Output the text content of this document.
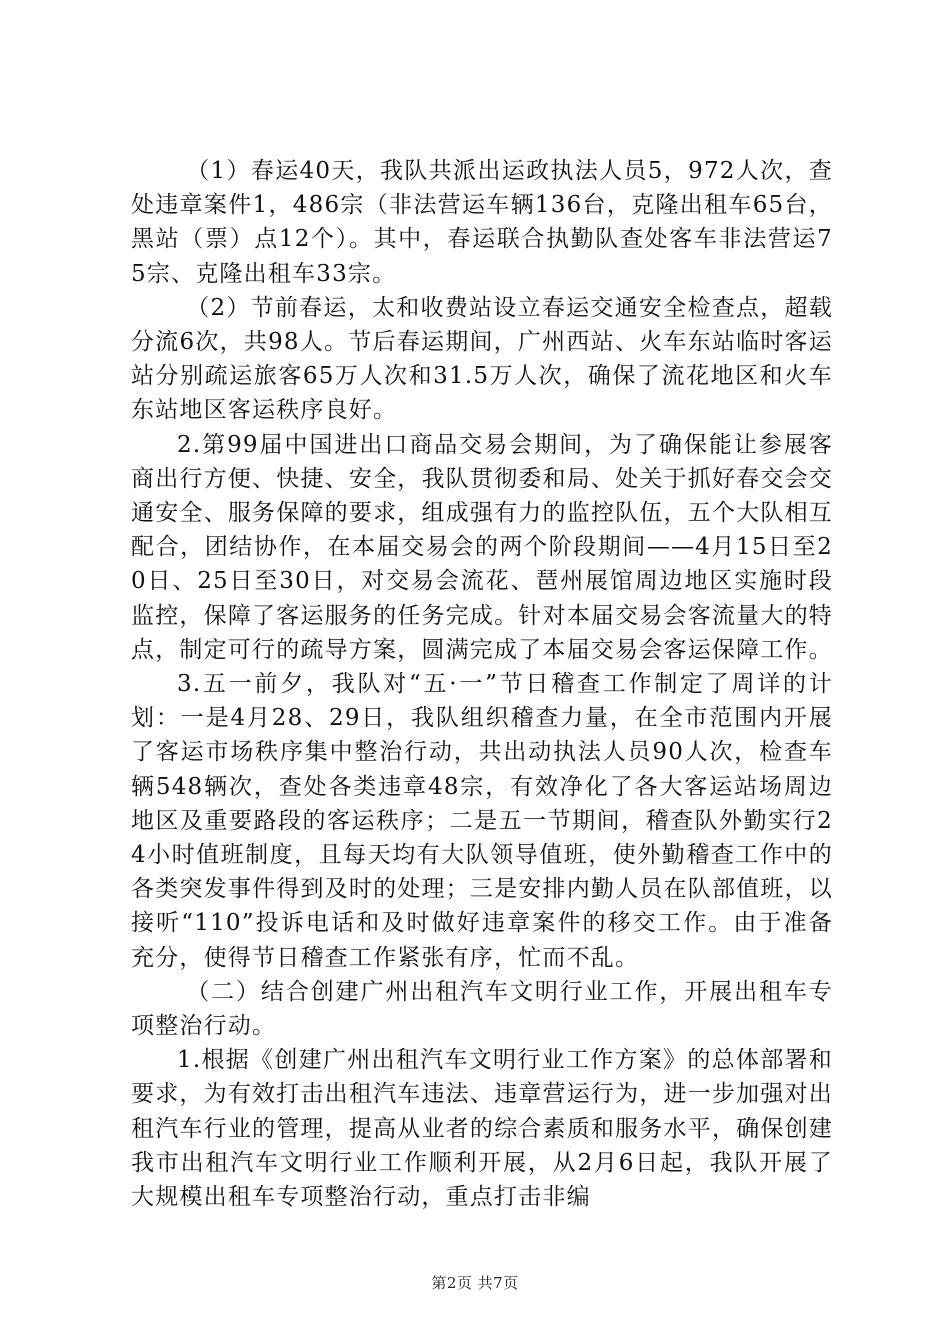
（1）春运40天，我队共派出运政执法人员5，972人次，查处违章案件1，486宗（非法营运车辆136台，克隆出租车65台，黑站（票）点12个）。其中，春运联合执勤队查处客车非法营运75宗、克隆出租车33宗。

（2）节前春运，太和收费站设立春运交通安全检查点，超载分流6次，共98人。节后春运期间，广州西站、火车东站临时客运站分别疏运旅客65万人次和31.5万人次，确保了流花地区和火车东站地区客运秩序良好。

2.第99届中国进出口商品交易会期间，为了确保能让参展客商出行方便、快捷、安全，我队贯彻委和局、处关于抓好春交会交通安全、服务保障的要求，组成强有力的监控队伍，五个大队相互配合，团结协作，在本届交易会的两个阶段期间——4月15日至20日、25日至30日，对交易会流花、琶州展馆周边地区实施时段监控，保障了客运服务的任务完成。针对本届交易会客流量大的特点，制定可行的疏导方案，圆满完成了本届交易会客运保障工作。

3.五一前夕，我队对“五·一”节日稽查工作制定了周详的计划：一是4月28、29日，我队组织稽查力量，在全市范围内开展了客运市场秩序集中整治行动，共出动执法人员90人次，检查车辆548辆次，查处各类违章48宗，有效净化了各大客运站场周边地区及重要路段的客运秩序；二是五一节期间，稽查队外勤实行24小时值班制度，且每天均有大队领导值班，使外勤稽查工作中的各类突发事件得到及时的处理；三是安排内勤人员在队部值班，以接听“110”投诉电话和及时做好违章案件的移交工作。由于准备充分，使得节日稽查工作紧张有序，忙而不乱。

（二）结合创建广州出租汽车文明行业工作，开展出租车专项整治行动。

1.根据《创建广州出租汽车文明行业工作方案》的总体部署和要求，为有效打击出租汽车违法、违章营运行为，进一步加强对出租汽车行业的管理，提高从业者的综合素质和服务水平，确保创建我市出租汽车文明行业工作顺利开展，从2月6日起，我队开展了大规模出租车专项整治行动，重点打击非编

第2页 共7页
